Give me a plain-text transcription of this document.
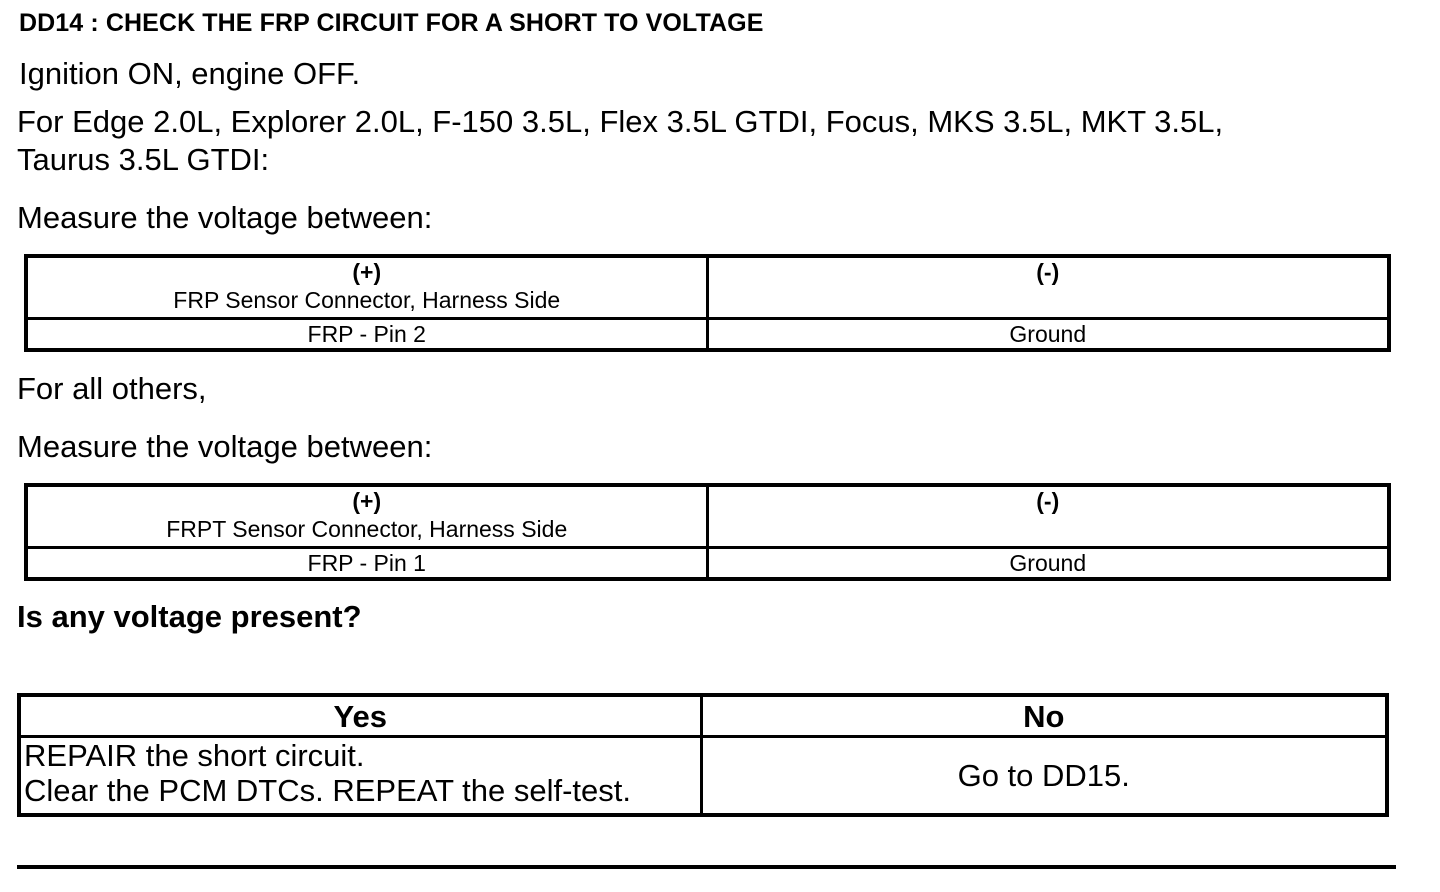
DD14 : CHECK THE FRP CIRCUIT FOR A SHORT TO VOLTAGE
Ignition ON, engine OFF.
For Edge 2.0L, Explorer 2.0L, F-150 3.5L, Flex 3.5L GTDI, Focus, MKS 3.5L, MKT 3.5L,
Taurus 3.5L GTDI:
Measure the voltage between:
(+)
FRP Sensor Connector, Harness Side	(-)

FRP - Pin 2	Ground
For all others,
Measure the voltage between:
(+)
FRPT Sensor Connector, Harness Side	(-)

FRP - Pin 1	Ground
Is any voltage present?
Yes	No

REPAIR the short circuit.
Clear the PCM DTCs. REPEAT the self-test.	Go to DD15.
